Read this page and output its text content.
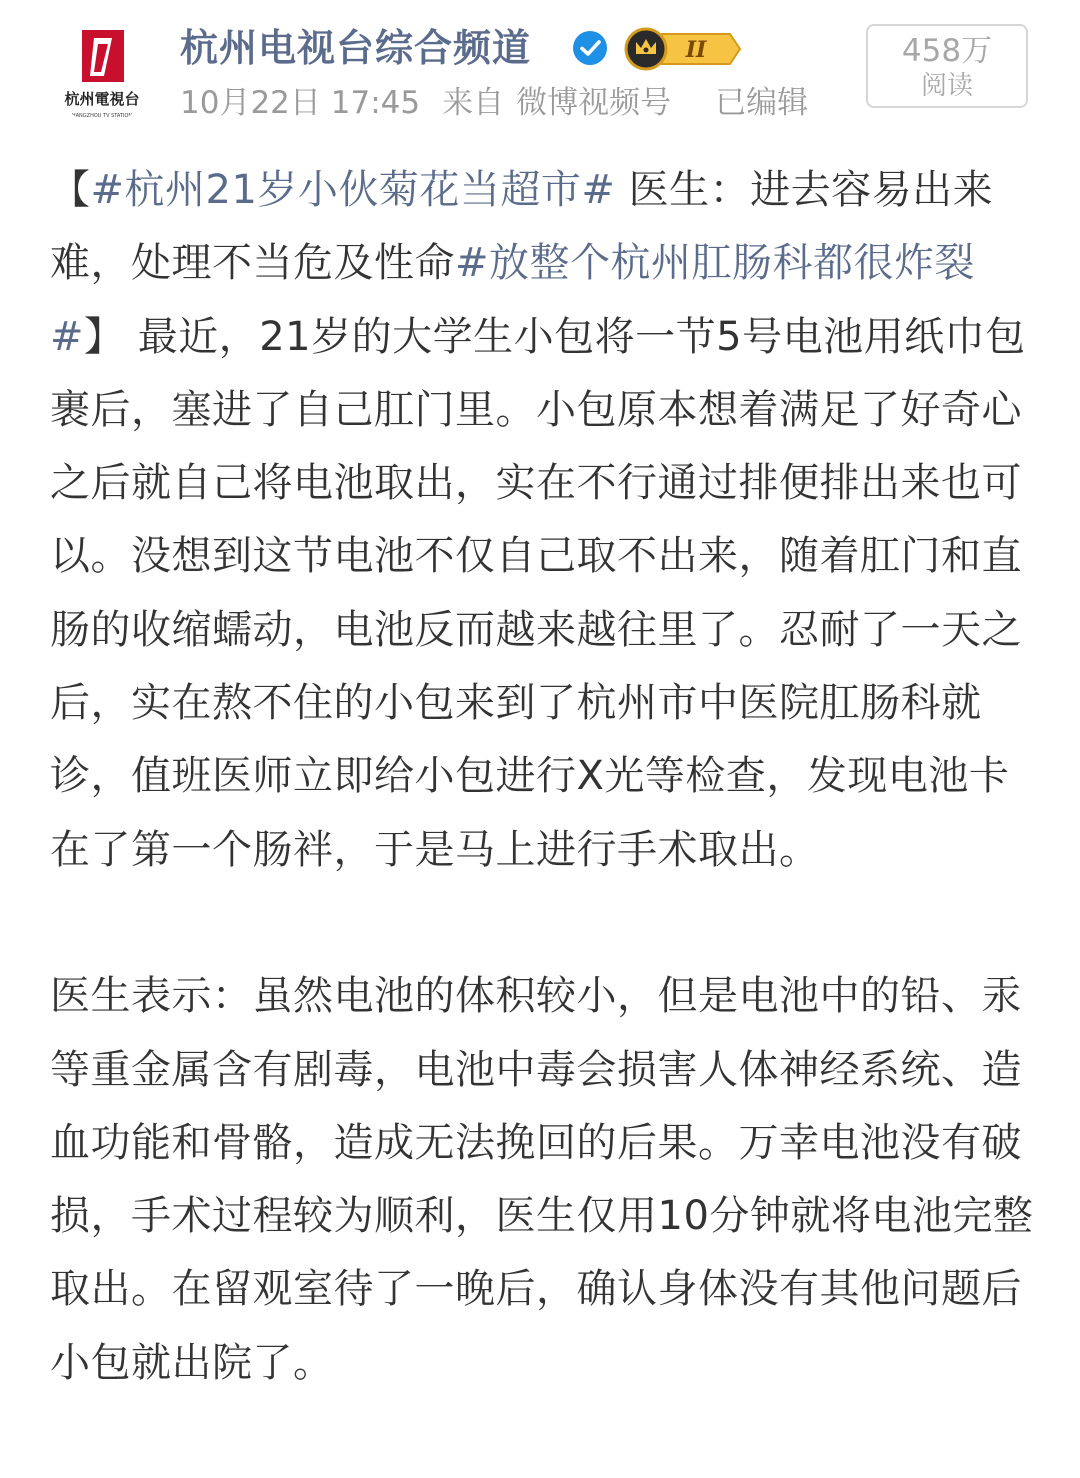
杭州電視台
HANGZHOU TV STATION
杭州电视台综合频道	II
10月22日 17:45 来自 微博视频号 已编辑
458万
阅读

【#杭州21岁小伙菊花当超市# 医生：进去容易出来难，处理不当危及性命#放整个杭州肛肠科都很炸裂#】 最近，21岁的大学生小包将一节5号电池用纸巾包裹后，塞进了自己肛门里。小包原本想着满足了好奇心之后就自己将电池取出，实在不行通过排便排出来也可以。没想到这节电池不仅自己取不出来，随着肛门和直肠的收缩蠕动，电池反而越来越往里了。忍耐了一天之后，实在熬不住的小包来到了杭州市中医院肛肠科就诊，值班医师立即给小包进行X光等检查，发现电池卡在了第一个肠袢，于是马上进行手术取出。

医生表示：虽然电池的体积较小，但是电池中的铅、汞等重金属含有剧毒，电池中毒会损害人体神经系统、造血功能和骨骼，造成无法挽回的后果。万幸电池没有破损，手术过程较为顺利，医生仅用10分钟就将电池完整取出。在留观室待了一晚后，确认身体没有其他问题后小包就出院了。
